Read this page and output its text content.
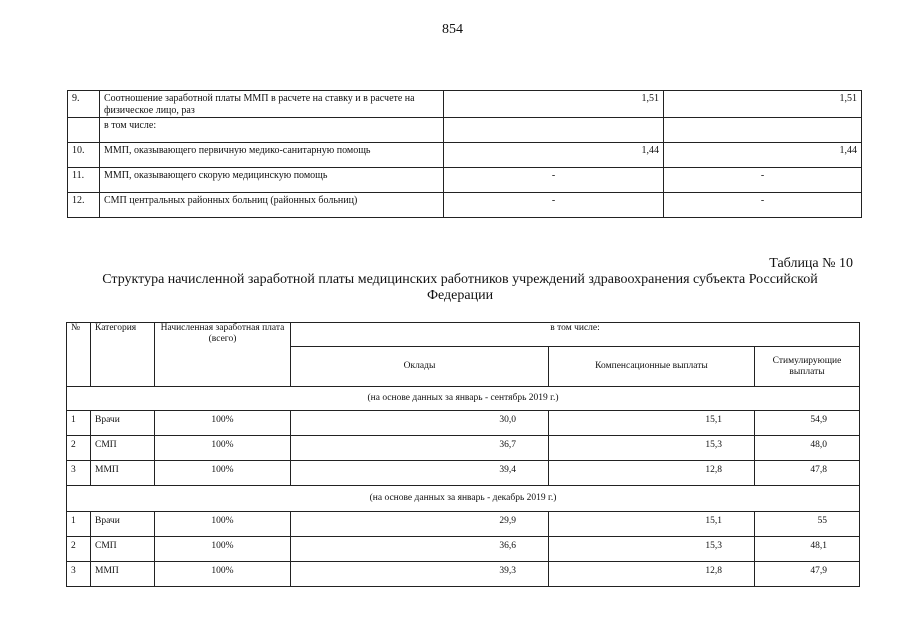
854
9.	Соотношение заработной платы ММП в расчете на ставку и в расчете на физическое лицо, раз	1,51	1,51
	в том числе:		
10.	ММП, оказывающего первичную медико-санитарную помощь	1,44	1,44
11.	ММП, оказывающего скорую медицинскую помощь	-	-
12.	СМП центральных районных больниц (районных больниц)	-	-
Таблица № 10
Структура начисленной заработной платы медицинских работников учреждений здравоохранения субъекта Российской Федерации
№	Категория	Начисленная заработная плата (всего)	в том числе:		
			Оклады	Компенсационные выплаты	Стимулирующие выплаты
(на основе данных за январь - сентябрь 2019 г.)					
1	Врачи	100%	30,0	15,1	54,9
2	СМП	100%	36,7	15,3	48,0
3	ММП	100%	39,4	12,8	47,8
(на основе данных за январь - декабрь 2019 г.)					
1	Врачи	100%	29,9	15,1	55
2	СМП	100%	36,6	15,3	48,1
3	ММП	100%	39,3	12,8	47,9
